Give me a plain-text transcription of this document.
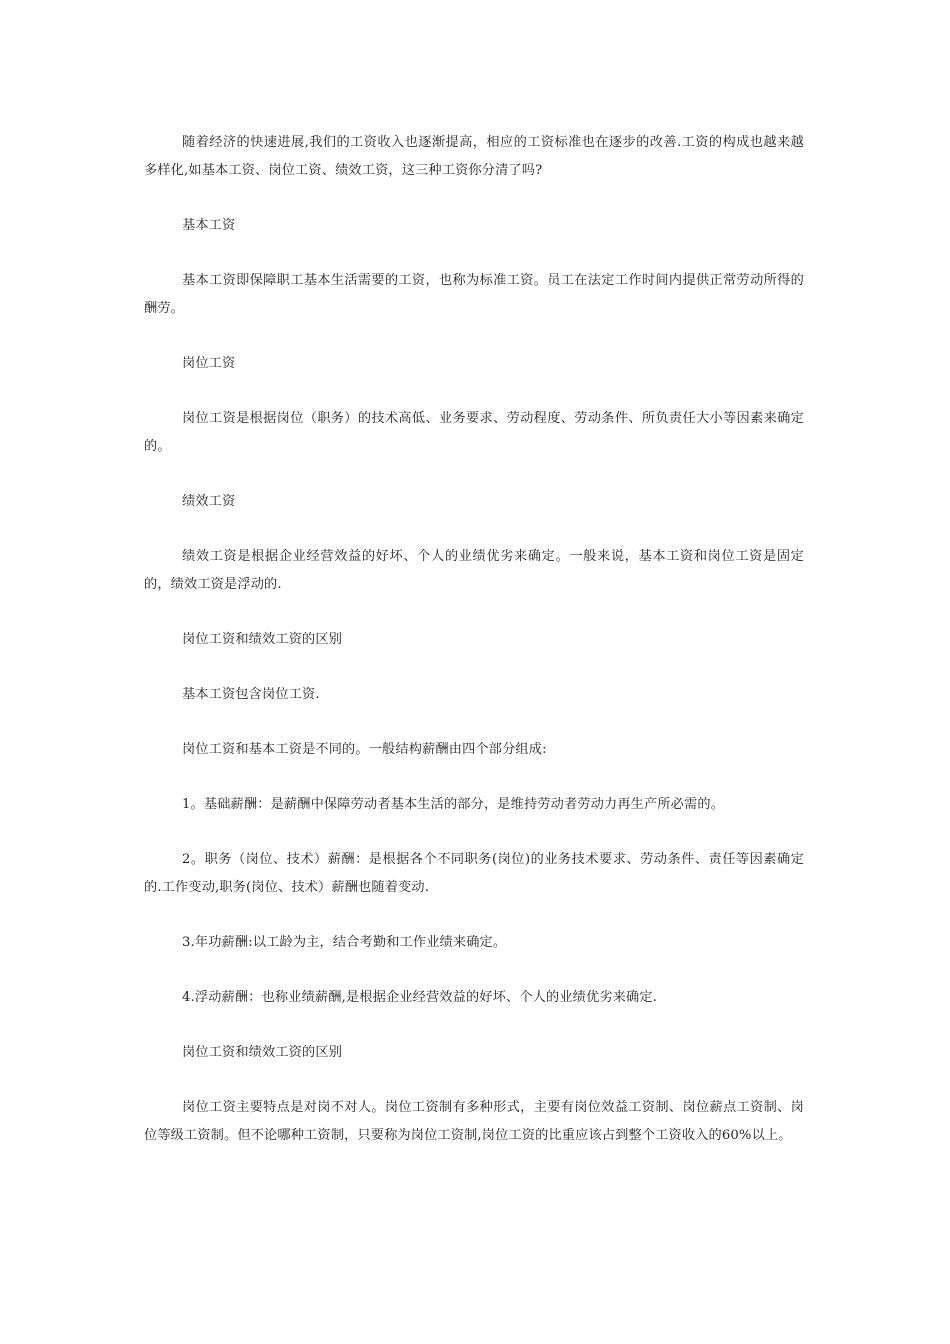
随着经济的快速进展,我们的工资收入也逐渐提高，相应的工资标准也在逐步的改善.工资的构成也越来越多样化,如基本工资、岗位工资、绩效工资，这三种工资你分清了吗?

基本工资

基本工资即保障职工基本生活需要的工资，也称为标准工资。员工在法定工作时间内提供正常劳动所得的酬劳。

岗位工资

岗位工资是根据岗位（职务）的技术高低、业务要求、劳动程度、劳动条件、所负责任大小等因素来确定的。

绩效工资

绩效工资是根据企业经营效益的好坏、个人的业绩优劣来确定。一般来说，基本工资和岗位工资是固定的，绩效工资是浮动的.

岗位工资和绩效工资的区别

基本工资包含岗位工资.

岗位工资和基本工资是不同的。一般结构薪酬由四个部分组成:

1。基础薪酬：是薪酬中保障劳动者基本生活的部分，是维持劳动者劳动力再生产所必需的。

2。职务（岗位、技术）薪酬：是根据各个不同职务(岗位)的业务技术要求、劳动条件、责任等因素确定的.工作变动,职务(岗位、技术）薪酬也随着变动.

3.年功薪酬:以工龄为主，结合考勤和工作业绩来确定。

4.浮动薪酬：也称业绩薪酬,是根据企业经营效益的好坏、个人的业绩优劣来确定.

岗位工资和绩效工资的区别

岗位工资主要特点是对岗不对人。岗位工资制有多种形式，主要有岗位效益工资制、岗位薪点工资制、岗位等级工资制。但不论哪种工资制，只要称为岗位工资制,岗位工资的比重应该占到整个工资收入的60%以上。
